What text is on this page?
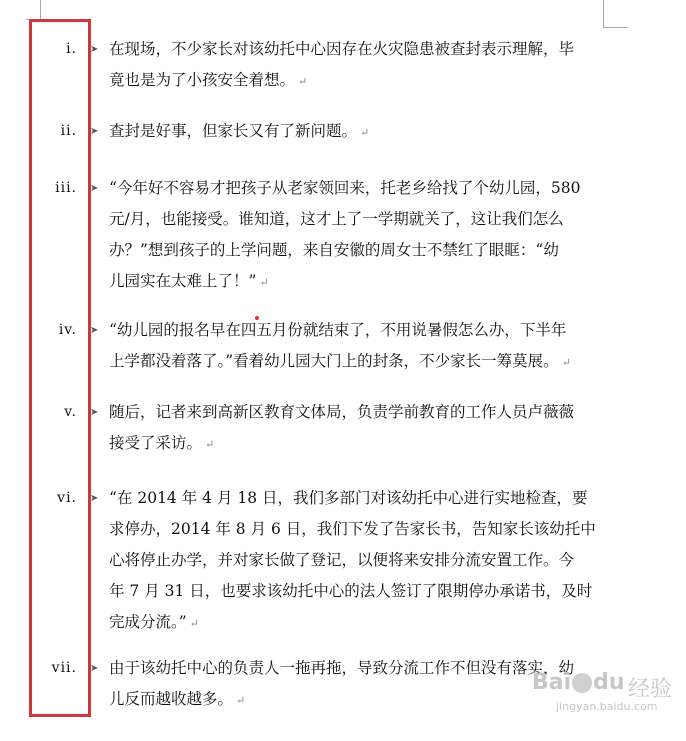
i. ➤ 在现场，不少家长对该幼托中心因存在火灾隐患被查封表示理解，毕
竟也是为了小孩安全着想。 ↵
ii. ➤ 查封是好事，但家长又有了新问题。 ↵
iii. ➤ “今年好不容易才把孩子从老家领回来，托老乡给找了个幼儿园，580
元/月，也能接受。谁知道，这才上了一学期就关了，这让我们怎么
办？”想到孩子的上学问题，来自安徽的周女士不禁红了眼眶：“幼
儿园实在太难上了！” ↵
iv. ➤ “幼儿园的报名早在四五月份就结束了，不用说暑假怎么办，下半年
上学都没着落了。”看着幼儿园大门上的封条，不少家长一筹莫展。 ↵
v. ➤ 随后，记者来到高新区教育文体局，负责学前教育的工作人员卢薇薇
接受了采访。 ↵
vi. ➤ “在 2014 年 4 月 18 日，我们多部门对该幼托中心进行实地检查，要
求停办，2014 年 8 月 6 日，我们下发了告家长书，告知家长该幼托中
心将停止办学，并对家长做了登记，以便将来安排分流安置工作。今
年 7 月 31 日，也要求该幼托中心的法人签订了限期停办承诺书，及时
完成分流。” ↵
vii. ➤ 由于该幼托中心的负责人一拖再拖，导致分流工作不但没有落实，幼
儿反而越收越多。 ↵
Bai du 经验
jingyan.baidu.com
